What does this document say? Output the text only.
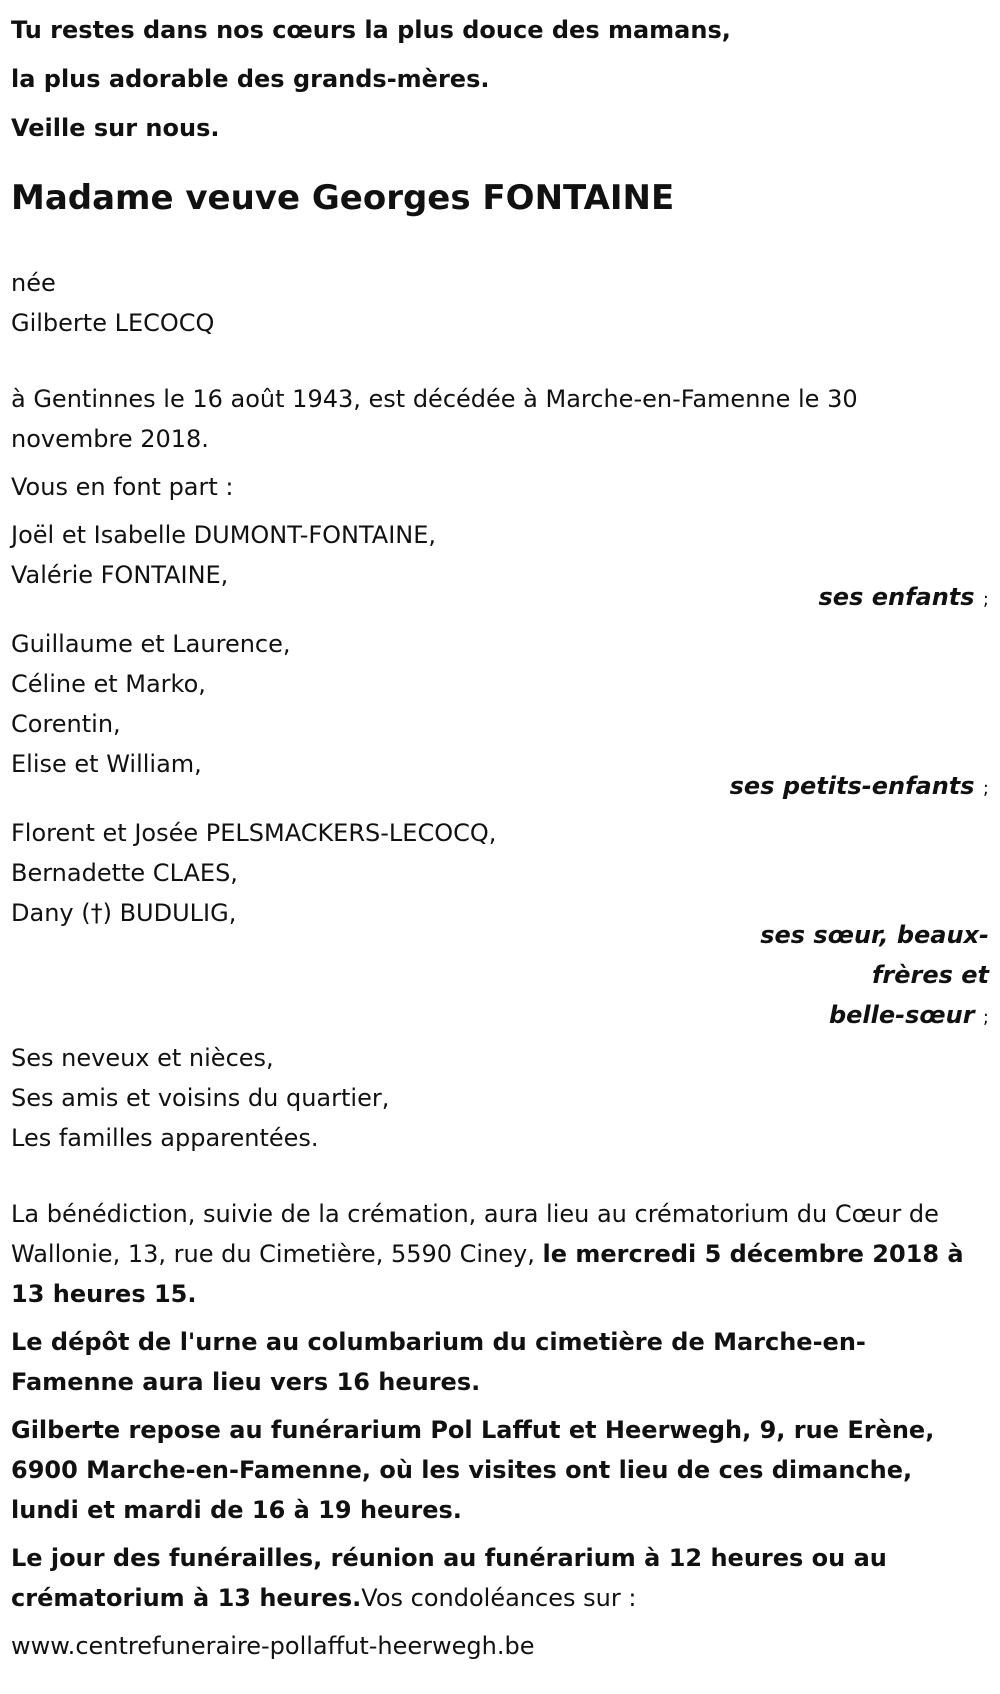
Tu restes dans nos cœurs la plus douce des mamans,
la plus adorable des grands-mères.
Veille sur nous.

Madame veuve Georges FONTAINE

née
Gilberte LECOCQ

à Gentinnes le 16 août 1943, est décédée à Marche-en-Famenne le 30 novembre 2018.

Vous en font part :

Joël et Isabelle DUMONT-FONTAINE,
Valérie FONTAINE,
ses enfants ;
Guillaume et Laurence,
Céline et Marko,
Corentin,
Elise et William,
ses petits-enfants ;
Florent et Josée PELSMACKERS-LECOCQ,
Bernadette CLAES,
Dany (†) BUDULIG,
ses sœur, beaux-
frères et
belle-sœur ;
Ses neveux et nièces,
Ses amis et voisins du quartier,
Les familles apparentées.

La bénédiction, suivie de la crémation, aura lieu au crématorium du Cœur de Wallonie, 13, rue du Cimetière, 5590 Ciney, le mercredi 5 décembre 2018 à 13 heures 15.

Le dépôt de l'urne au columbarium du cimetière de Marche-en-Famenne aura lieu vers 16 heures.

Gilberte repose au funérarium Pol Laffut et Heerwegh, 9, rue Erène, 6900 Marche-en-Famenne, où les visites ont lieu de ces dimanche, lundi et mardi de 16 à 19 heures.

Le jour des funérailles, réunion au funérarium à 12 heures ou au crématorium à 13 heures.Vos condoléances sur :

www.centrefuneraire-pollaffut-heerwegh.be
